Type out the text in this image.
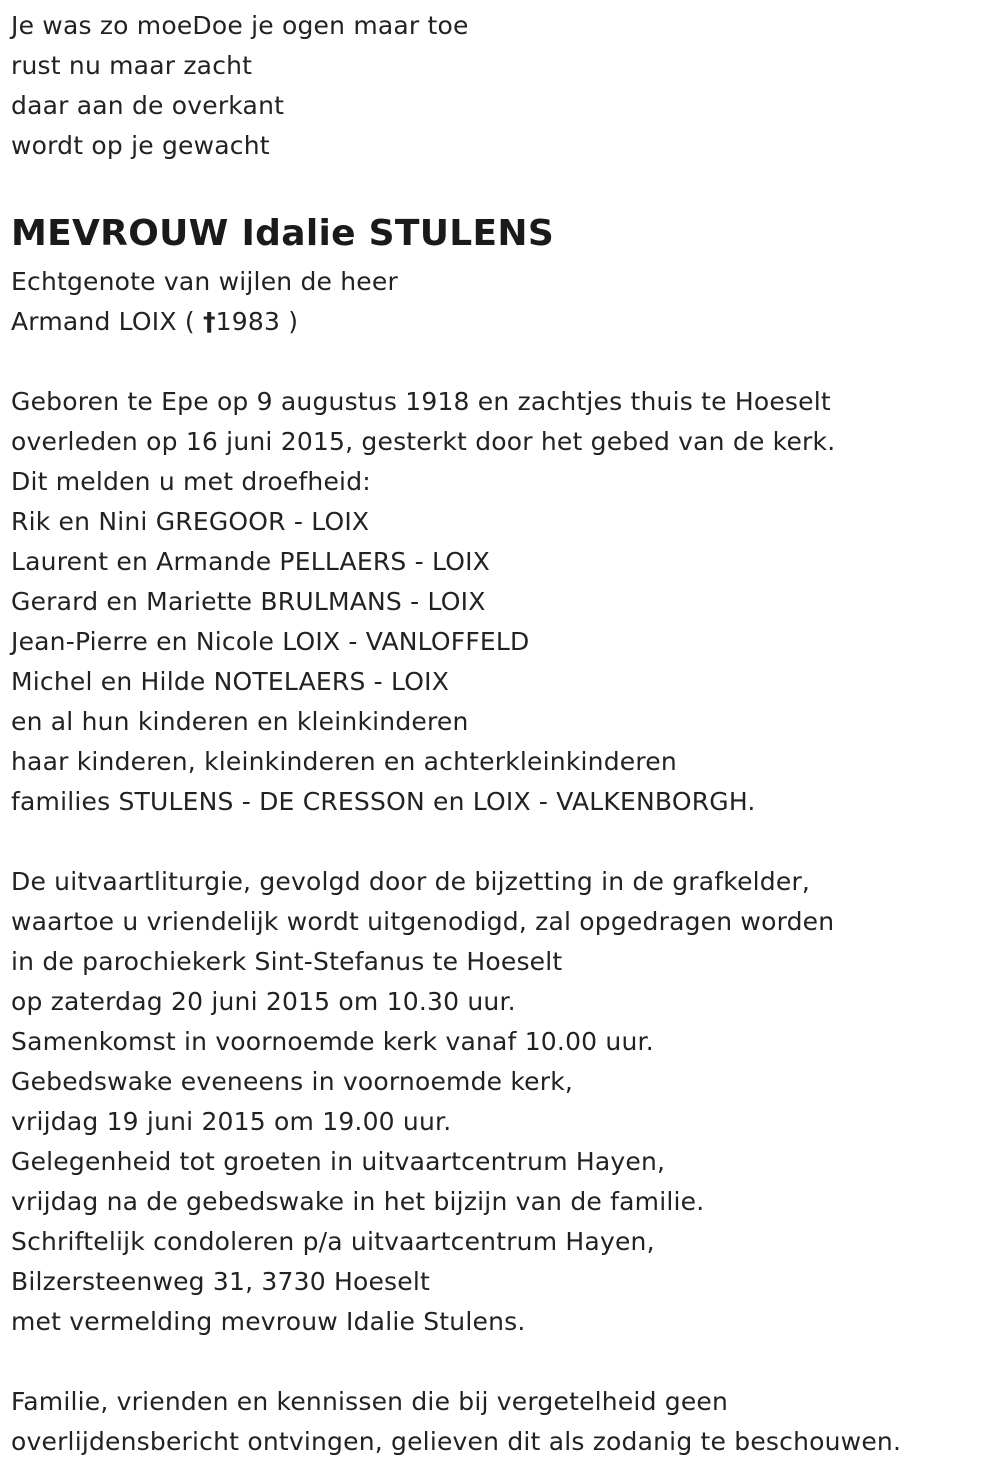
Je was zo moeDoe je ogen maar toe
rust nu maar zacht
daar aan de overkant
wordt op je gewacht
MEVROUW Idalie STULENS
Echtgenote van wijlen de heer
Armand LOIX ( †1983 )
Geboren te Epe op 9 augustus 1918 en zachtjes thuis te Hoeselt
overleden op 16 juni 2015, gesterkt door het gebed van de kerk.
Dit melden u met droefheid:
Rik en Nini GREGOOR - LOIX
Laurent en Armande PELLAERS - LOIX
Gerard en Mariette BRULMANS - LOIX
Jean-Pierre en Nicole LOIX - VANLOFFELD
Michel en Hilde NOTELAERS - LOIX
en al hun kinderen en kleinkinderen
haar kinderen, kleinkinderen en achterkleinkinderen
families STULENS - DE CRESSON en LOIX - VALKENBORGH.
De uitvaartliturgie, gevolgd door de bijzetting in de grafkelder,
waartoe u vriendelijk wordt uitgenodigd, zal opgedragen worden
in de parochiekerk Sint-Stefanus te Hoeselt
op zaterdag 20 juni 2015 om 10.30 uur.
Samenkomst in voornoemde kerk vanaf 10.00 uur.
Gebedswake eveneens in voornoemde kerk,
vrijdag 19 juni 2015 om 19.00 uur.
Gelegenheid tot groeten in uitvaartcentrum Hayen,
vrijdag na de gebedswake in het bijzijn van de familie.
Schriftelijk condoleren p/a uitvaartcentrum Hayen,
Bilzersteenweg 31, 3730 Hoeselt
met vermelding mevrouw Idalie Stulens.
Familie, vrienden en kennissen die bij vergetelheid geen
overlijdensbericht ontvingen, gelieven dit als zodanig te beschouwen.
